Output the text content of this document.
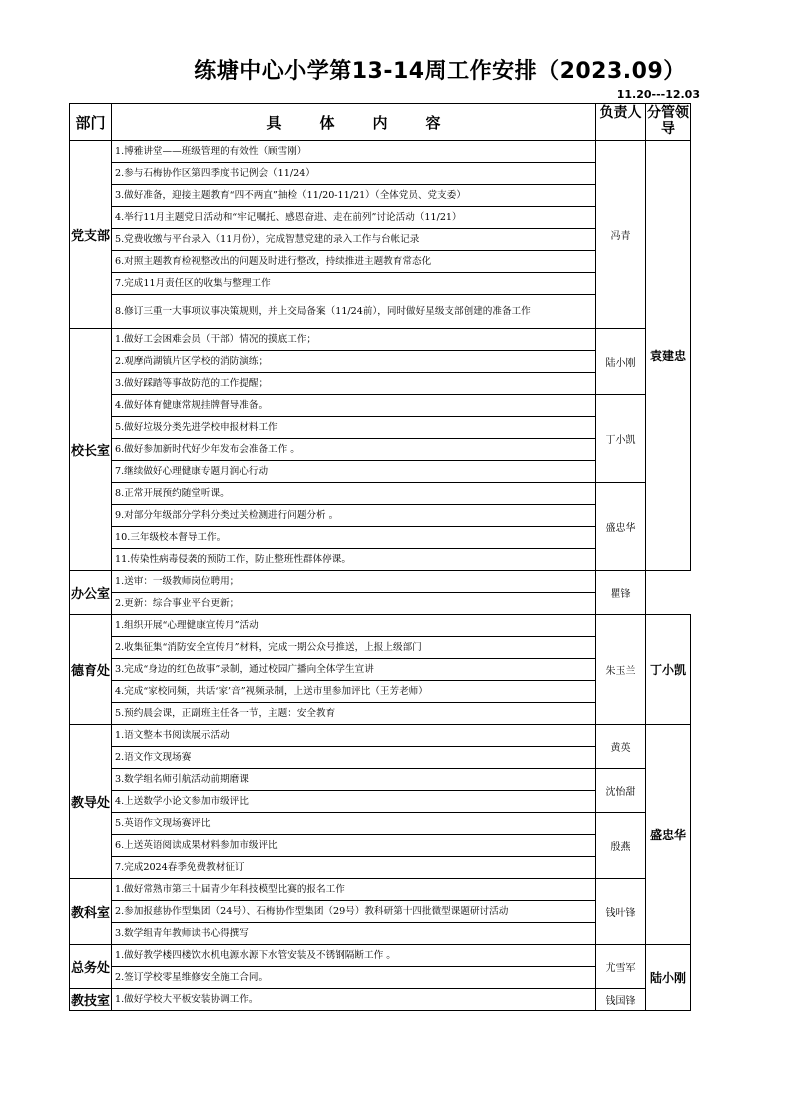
练塘中心小学第13-14周工作安排（2023.09）
11.20---12.03
部门	具体内容	负责人	分管领导
党支部	1.博雅讲堂——班级管理的有效性（顾雪刚）	冯青	袁建忠
	2.参与石梅协作区第四季度书记例会（11/24）		
	3.做好准备，迎接主题教育“四不两直”抽检（11/20-11/21）（全体党员、党支委）		
	4.举行11月主题党日活动和“牢记嘱托、感恩奋进、走在前列”讨论活动（11/21）		
	5.党费收缴与平台录入（11月份），完成智慧党建的录入工作与台帐记录		
	6.对照主题教育检视整改出的问题及时进行整改，持续推进主题教育常态化		
	7.完成11月责任区的收集与整理工作		
	8.修订三重一大事项议事决策规则，并上交局备案（11/24前），同时做好星级支部创建的准备工作		
校长室	1.做好工会困难会员（干部）情况的摸底工作；	陆小刚	
	2.观摩尚湖镇片区学校的消防演练；		
	3.做好踩踏等事故防范的工作提醒；		
	4.做好体育健康常规挂牌督导准备。	丁小凯	
	5.做好垃圾分类先进学校申报材料工作		
	6.做好参加新时代好少年发布会准备工作 。		
	7.继续做好心理健康专题月润心行动		
	8.正常开展预约随堂听课。	盛忠华	
	9.对部分年级部分学科分类过关检测进行问题分析 。		
	10.三年级校本督导工作。		
	11.传染性病毒侵袭的预防工作，防止整班性群体停课。		
办公室	1.送审：一级教师岗位聘用；	瞿锋	
	2.更新：综合事业平台更新；		
德育处	1.组织开展“心理健康宣传月”活动	朱玉兰	丁小凯
	2.收集征集“消防安全宣传月”材料，完成一期公众号推送，上报上级部门		
	3.完成“身边的红色故事”录制，通过校园广播向全体学生宣讲		
	4.完成“家校同频，共话‘家’音”视频录制，上送市里参加评比（王芳老师）		
	5.预约晨会课，正副班主任各一节，主题：安全教育		
教导处	1.语文整本书阅读展示活动	黄英	盛忠华
	2.语文作文现场赛		
	3.数学组名师引航活动前期磨课	沈怡甜	
	4.上送数学小论文参加市级评比		
	5.英语作文现场赛评比	殷燕	
	6.上送英语阅读成果材料参加市级评比		
	7.完成2024春季免费教材征订		
教科室	1.做好常熟市第三十届青少年科技模型比赛的报名工作	钱叶锋	
	2.参加报慈协作型集团（24号）、石梅协作型集团（29号）教科研第十四批微型课题研讨活动		
	3.数学组青年教师读书心得撰写		
总务处	1.做好教学楼四楼饮水机电源水源下水管安装及不锈钢隔断工作 。	尤雪军	陆小刚
	2.签订学校零星维修安全施工合同。		
教技室	1.做好学校大平板安装协调工作。	钱国锋	
